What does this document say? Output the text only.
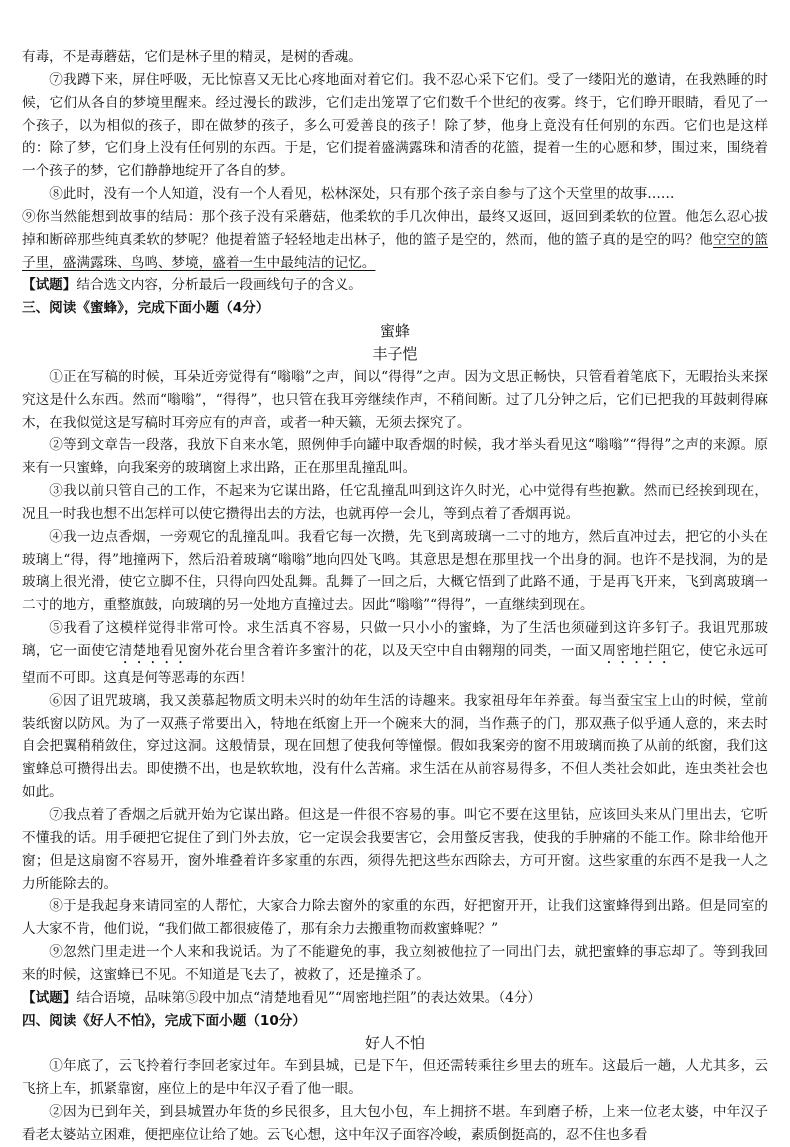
有毒，不是毒蘑菇，它们是林子里的精灵，是树的香魂。

⑦我蹲下来，屏住呼吸，无比惊喜又无比心疼地面对着它们。我不忍心采下它们。受了一缕阳光的邀请，在我熟睡的时候，它们从各自的梦境里醒来。经过漫长的跋涉，它们走出笼罩了它们数千个世纪的夜雾。终于，它们睁开眼睛，看见了一个孩子，以为相似的孩子，即在做梦的孩子，多么可爱善良的孩子！除了梦，他身上竟没有任何别的东西。它们也是这样的：除了梦，它们身上没有任何别的东西。于是，它们提着盛满露珠和清香的花篮，提着一生的心愿和梦，围过来，围绕着一个孩子的梦，它们静静地绽开了各自的梦。

⑧此时，没有一个人知道，没有一个人看见，松林深处，只有那个孩子亲自参与了这个天堂里的故事……

⑨你当然能想到故事的结局：那个孩子没有采蘑菇，他柔软的手几次伸出，最终又返回，返回到柔软的位置。他怎么忍心拔掉和断碎那些纯真柔软的梦呢？他提着篮子轻轻地走出林子，他的篮子是空的，然而，他的篮子真的是空的吗？他空空的篮子里，盛满露珠、鸟鸣、梦境，盛着一生中最纯洁的记忆。

【试题】结合选文内容，分析最后一段画线句子的含义。

三、阅读《蜜蜂》，完成下面小题（4分）

蜜蜂

丰子恺

①正在写稿的时候，耳朵近旁觉得有“嗡嗡”之声，间以“得得”之声。因为文思正畅快，只管看着笔底下，无暇抬头来探究这是什么东西。然而“嗡嗡”，“得得”，也只管在我耳旁继续作声，不稍间断。过了几分钟之后，它们已把我的耳鼓刺得麻木，在我似觉这是写稿时耳旁应有的声音，或者一种天籁，无须去探究了。

②等到文章告一段落，我放下自来水笔，照例伸手向罐中取香烟的时候，我才举头看见这“嗡嗡”“得得”之声的来源。原来有一只蜜蜂，向我案旁的玻璃窗上求出路，正在那里乱撞乱叫。

③我以前只管自己的工作，不起来为它谋出路，任它乱撞乱叫到这许久时光，心中觉得有些抱歉。然而已经挨到现在，况且一时我也想不出怎样可以使它攒得出去的方法，也就再停一会儿，等到点着了香烟再说。

④我一边点香烟，一旁观它的乱撞乱叫。我看它每一次攒，先飞到离玻璃一二寸的地方，然后直冲过去，把它的小头在玻璃上“得，得”地撞两下，然后沿着玻璃“嗡嗡”地向四处飞鸣。其意思是想在那里找一个出身的洞。也许不是找洞，为的是玻璃上很光滑，使它立脚不住，只得向四处乱舞。乱舞了一回之后，大概它悟到了此路不通，于是再飞开来，飞到离玻璃一二寸的地方，重整旗鼓，向玻璃的另一处地方直撞过去。因此“嗡嗡”“得得”，一直继续到现在。

⑤我看了这模样觉得非常可怜。求生活真不容易，只做一只小小的蜜蜂，为了生活也须碰到这许多钉子。我诅咒那玻璃，它一面使它清楚地看见窗外花台里含着许多蜜汁的花，以及天空中自由翱翔的同类，一面又周密地拦阻它，使它永远可望而不可即。这真是何等恶毒的东西！

⑥因了诅咒玻璃，我又羡慕起物质文明未兴时的幼年生活的诗趣来。我家祖母年年养蚕。每当蚕宝宝上山的时候，堂前装纸窗以防风。为了一双燕子常要出入，特地在纸窗上开一个碗来大的洞，当作燕子的门，那双燕子似乎通人意的，来去时自会把翼稍稍敛住，穿过这洞。这般情景，现在回想了使我何等憧憬。假如我案旁的窗不用玻璃而换了从前的纸窗，我们这蜜蜂总可攒得出去。即使攒不出，也是软软地，没有什么苦痛。求生活在从前容易得多，不但人类社会如此，连虫类社会也如此。

⑦我点着了香烟之后就开始为它谋出路。但这是一件很不容易的事。叫它不要在这里钻，应该回头来从门里出去，它听不懂我的话。用手硬把它捉住了到门外去放，它一定误会我要害它，会用螫反害我，使我的手肿痛的不能工作。除非给他开窗；但是这扇窗不容易开，窗外堆叠着许多家重的东西，须得先把这些东西除去，方可开窗。这些家重的东西不是我一人之力所能除去的。

⑧于是我起身来请同室的人帮忙，大家合力除去窗外的家重的东西，好把窗开开，让我们这蜜蜂得到出路。但是同室的人大家不肯，他们说，“我们做工都很疲倦了，那有余力去搬重物而救蜜蜂呢？”

⑨忽然门里走进一个人来和我说话。为了不能避免的事，我立刻被他拉了一同出门去，就把蜜蜂的事忘却了。等到我回来的时候，这蜜蜂已不见。不知道是飞去了，被救了，还是撞杀了。

【试题】结合语境，品味第⑤段中加点“清楚地看见”“周密地拦阻”的表达效果。（4分）

四、阅读《好人不怕》，完成下面小题（10分）

好人不怕

①年底了，云飞拎着行李回老家过年。车到县城，已是下午，但还需转乘往乡里去的班车。这最后一趟，人尤其多，云飞挤上车，抓紧靠窗，座位上的是中年汉子看了他一眼。

②因为已到年关，到县城置办年货的乡民很多，且大包小包，车上拥挤不堪。车到磨子桥，上来一位老太婆，中年汉子看老太婆站立困难，便把座位让给了她。云飞心想，这中年汉子面容冷峻，素质倒挺高的，忍不住也多看
